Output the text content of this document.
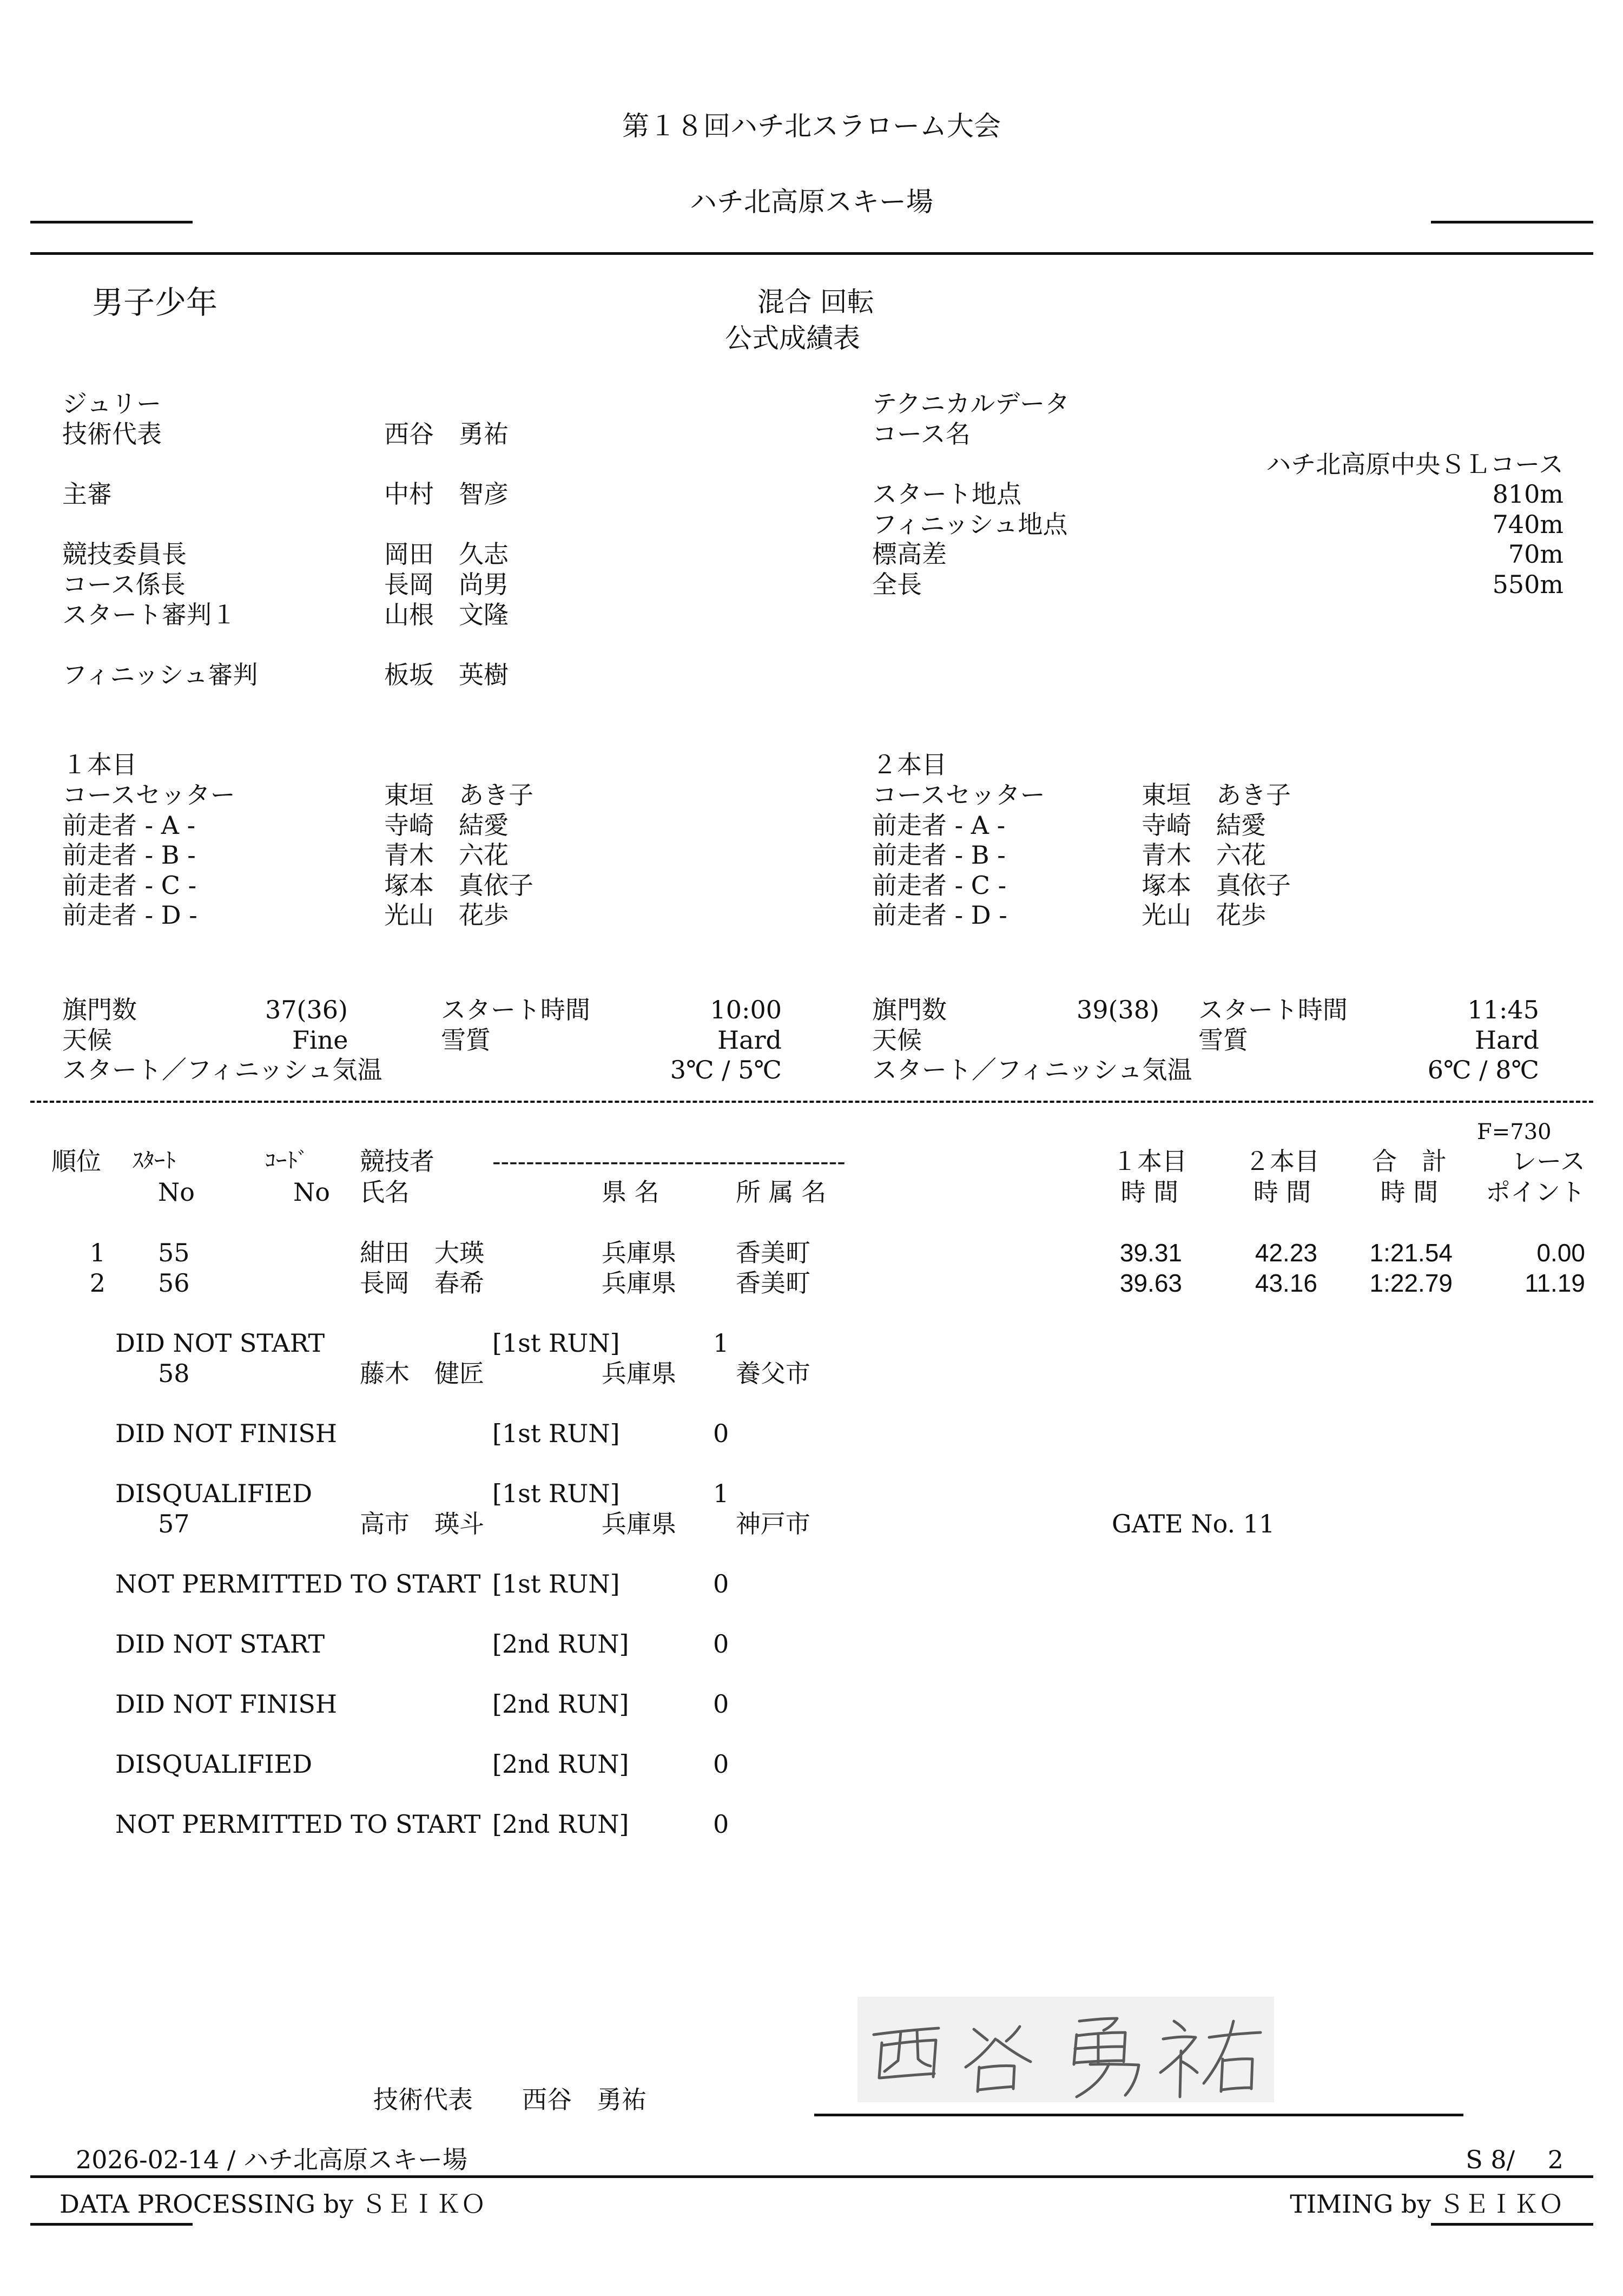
第１８回ハチ北スラローム大会
ハチ北高原スキー場
男子少年	混合 回転
公式成績表
ジュリー
技術代表	西谷　勇祐
主審	中村　智彦
競技委員長	岡田　久志
コース係長	長岡　尚男
スタート審判１	山根　文隆
フィニッシュ審判	板坂　英樹
テクニカルデータ
コース名
ハチ北高原中央ＳＬコース
スタート地点	810m
フィニッシュ地点	740m
標高差	70m
全長	550m
１本目
コースセッター	東垣　あき子
前走者 - A -	寺崎　結愛
前走者 - B -	青木　六花
前走者 - C -	塚本　真依子
前走者 - D -	光山　花歩
２本目
コースセッター	東垣　あき子
前走者 - A -	寺崎　結愛
前走者 - B -	青木　六花
前走者 - C -	塚本　真依子
前走者 - D -	光山　花歩
旗門数	37(36)	スタート時間	10:00
天候	Fine	雪質	Hard
スタート／フィニッシュ気温	3℃ / 5℃
旗門数	39(38) スタート時間	11:45
天候	雪質	Hard
スタート／フィニッシュ気温	6℃ / 8℃
F=730
順位 ｽﾀｰﾄ
No
ｺｰﾄﾞ
No
競技者 ------------------------------------------
氏名	県 名	所 属 名
１本目	２本目	合　計	レース
時 間	時 間	時 間	ポイント
1 55	紺田　大瑛	兵庫県 香美町	39.31	42.23	1:21.54	0.00
2 56	長岡　春希	兵庫県 香美町	39.63	43.16	1:22.79	11.19
DID NOT START	[1st RUN]	1
58	藤木　健匠	兵庫県 養父市
DID NOT FINISH	[1st RUN]	0
DISQUALIFIED	[1st RUN]	1
57	高市　瑛斗	兵庫県 神戸市	GATE No. 11
NOT PERMITTED TO START [1st RUN]	0
DID NOT START	[2nd RUN]	0
DID NOT FINISH	[2nd RUN]	0
DISQUALIFIED	[2nd RUN]	0
NOT PERMITTED TO START [2nd RUN]	0
技術代表 西谷　勇祐
2026-02-14 / ハチ北高原スキー場	S 8/　 2
DATA PROCESSING by ＳＥＩＫＯ	TIMING by ＳＥＩＫＯ
